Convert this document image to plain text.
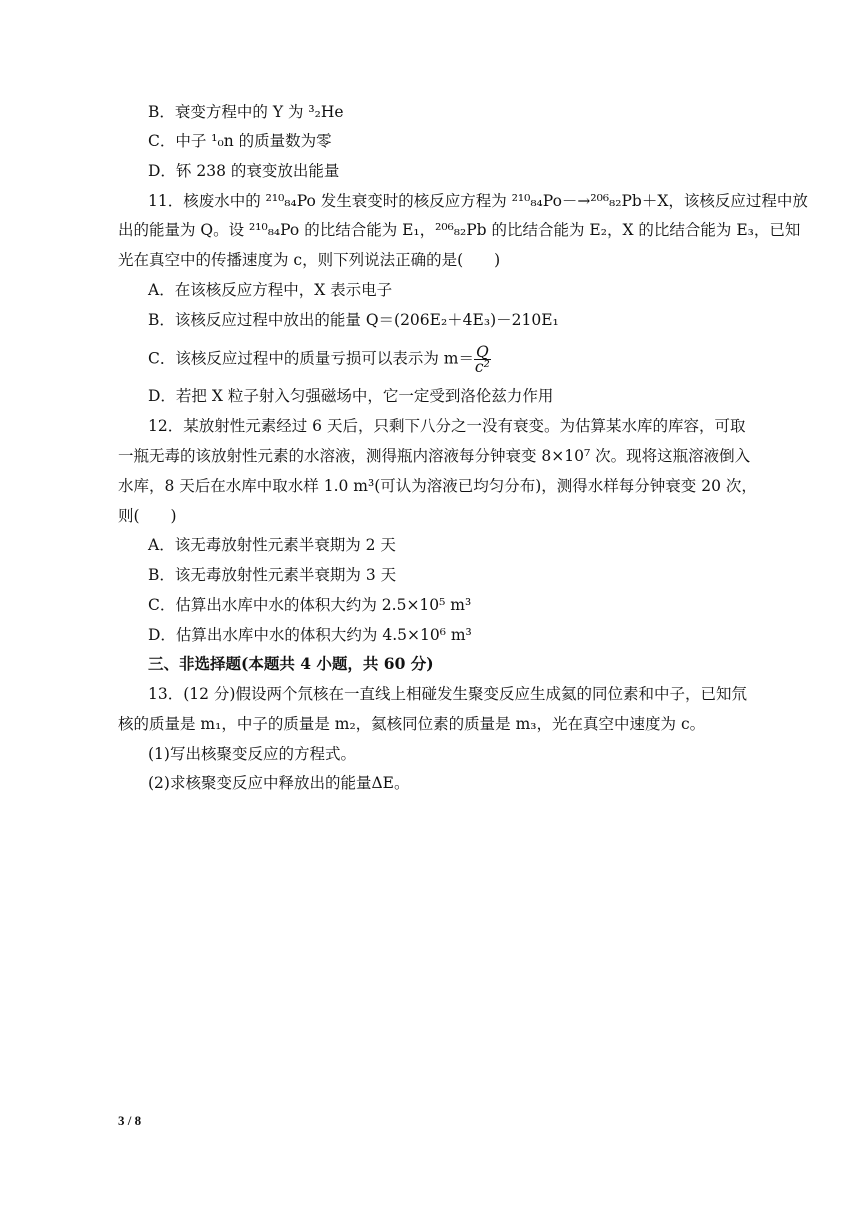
B．衰变方程中的 Y 为 ³₂He
C．中子 ¹₀n 的质量数为零
D．钚 238 的衰变放出能量
11．核废水中的 ²¹⁰₈₄Po 发生衰变时的核反应方程为 ²¹⁰₈₄Po－→²⁰⁶₈₂Pb＋X，该核反应过程中放
出的能量为 Q。设 ²¹⁰₈₄Po 的比结合能为 E₁，²⁰⁶₈₂Pb 的比结合能为 E₂，X 的比结合能为 E₃，已知
光在真空中的传播速度为 c，则下列说法正确的是(　　)
A．在该核反应方程中，X 表示电子
B．该核反应过程中放出的能量 Q＝(206E₂＋4E₃)－210E₁
C．该核反应过程中的质量亏损可以表示为 $m= \frac{Q}{\text{c²}}$
D．若把 X 粒子射入匀强磁场中，它一定受到洛伦兹力作用
12．某放射性元素经过 6 天后，只剩下八分之一没有衰变。为估算某水库的库容，可取
一瓶无毒的该放射性元素的水溶液，测得瓶内溶液每分钟衰变 8×10⁷ 次。现将这瓶溶液倒入
水库，8 天后在水库中取水样 1.0 m³(可认为溶液已均匀分布)，测得水样每分钟衰变 20 次，
则(　　)
A．该无毒放射性元素半衰期为 2 天
B．该无毒放射性元素半衰期为 3 天
C．估算出水库中水的体积大约为 2.5×10⁵ m³
D．估算出水库中水的体积大约为 4.5×10⁶ m³
三、非选择题(本题共 4 小题，共 60 分)
13．(12 分)假设两个氘核在一直线上相碰发生聚变反应生成氦的同位素和中子，已知氘
核的质量是 m₁，中子的质量是 m₂，氦核同位素的质量是 m₃，光在真空中速度为 c。
(1)写出核聚变反应的方程式。
(2)求核聚变反应中释放出的能量ΔE。
3 / 8
